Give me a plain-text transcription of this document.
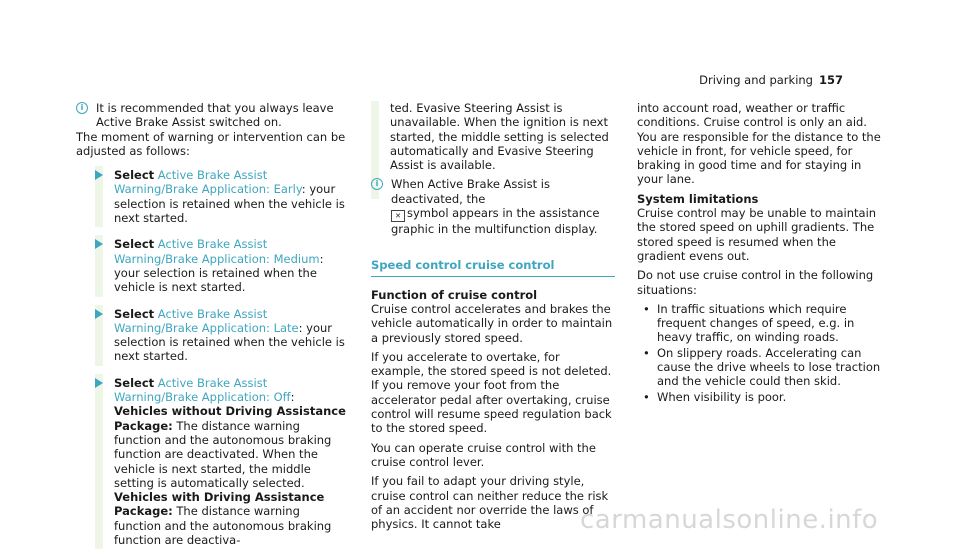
Driving and parking 157

i	It is recommended that you always leave Active Brake Assist switched on.

The moment of warning or intervention can be adjusted as follows:

Select Active Brake Assist Warning/Brake Application: Early: your selection is retained when the vehicle is next started.
Select Active Brake Assist Warning/Brake Application: Medium: your selection is retained when the vehicle is next started.
Select Active Brake Assist Warning/Brake Application: Late: your selection is retained when the vehicle is next started.
Select Active Brake Assist Warning/Brake Application: Off:
Vehicles without Driving Assistance Package: The distance warning function and the autonomous braking function are deactivated. When the vehicle is next started, the middle setting is automatically selected.
Vehicles with Driving Assistance Package: The distance warning function and the autonomous braking function are deactiva-

ted. Evasive Steering Assist is unavailable. When the ignition is next started, the middle setting is selected automatically and Evasive Steering Assist is available.

i	When Active Brake Assist is deactivated, the
✕ symbol appears in the assistance graphic in the multifunction display.

Speed control cruise control

Function of cruise control

Cruise control accelerates and brakes the vehicle automatically in order to maintain a previously stored speed.

If you accelerate to overtake, for example, the stored speed is not deleted. If you remove your foot from the accelerator pedal after overtaking, cruise control will resume speed regulation back to the stored speed.

You can operate cruise control with the cruise control lever.

If you fail to adapt your driving style, cruise control can neither reduce the risk of an accident nor override the laws of physics. It cannot take

into account road, weather or traffic conditions. Cruise control is only an aid. You are responsible for the distance to the vehicle in front, for vehicle speed, for braking in good time and for staying in your lane.

System limitations

Cruise control may be unable to maintain the stored speed on uphill gradients. The stored speed is resumed when the gradient evens out.

Do not use cruise control in the following situations:

• In traffic situations which require frequent changes of speed, e.g. in heavy traffic, on winding roads.
• On slippery roads. Accelerating can cause the drive wheels to lose traction and the vehicle could then skid.
• When visibility is poor.
carmanualsonline.info
